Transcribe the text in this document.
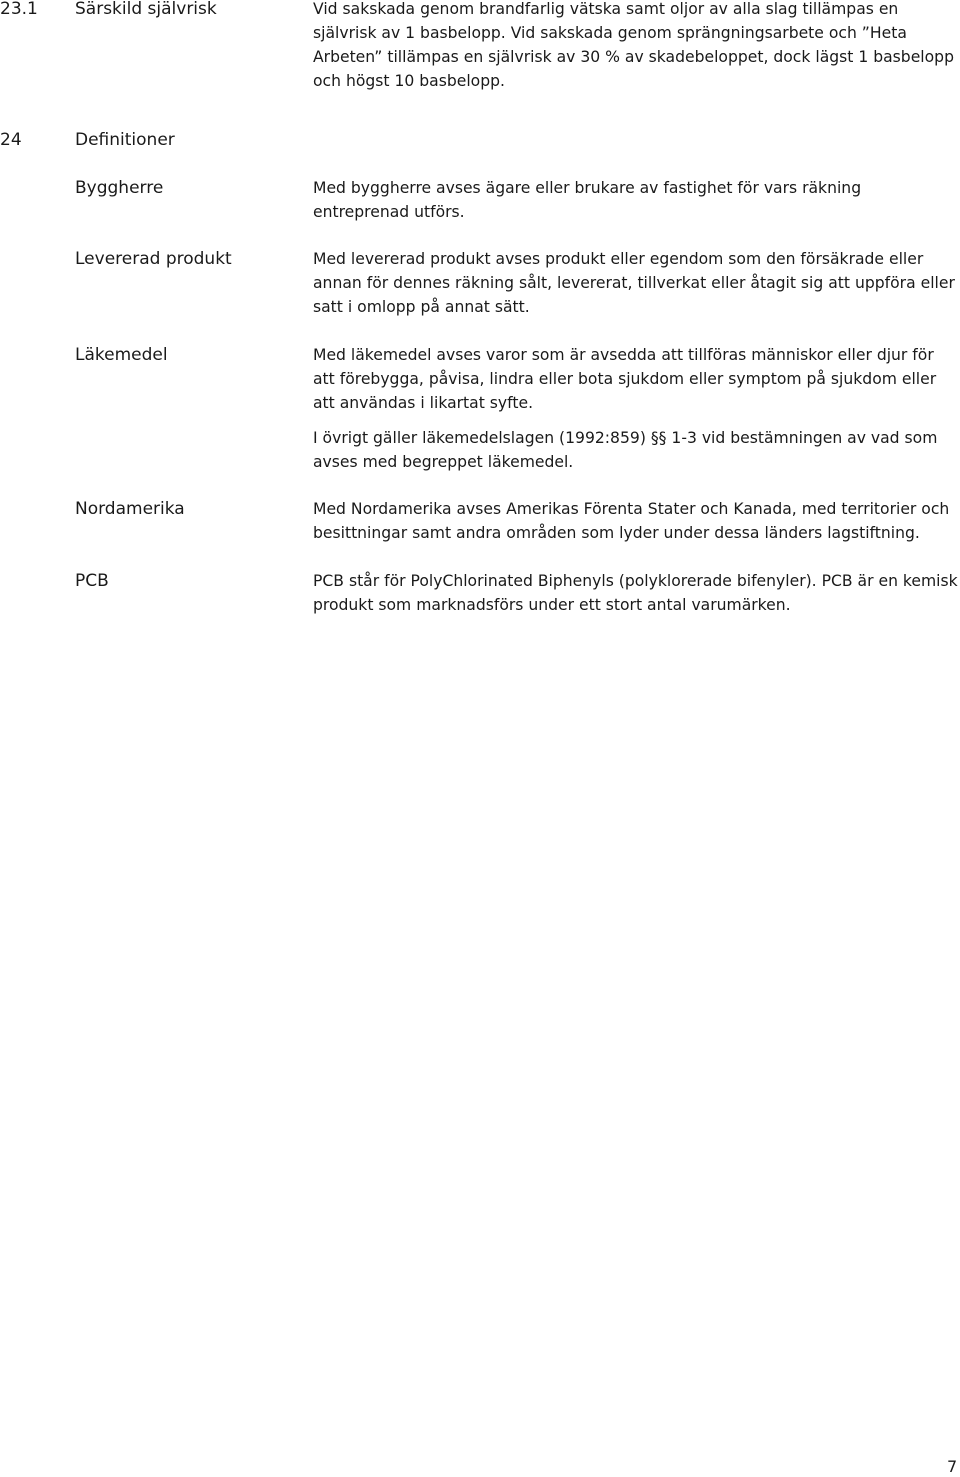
23.1 Särskild självrisk	Vid sakskada genom brandfarlig vätska samt oljor av alla slag tillämpas en självrisk av 1 basbelopp. Vid sakskada genom sprängningsarbete och ”Heta Arbeten” tillämpas en självrisk av 30 % av skadebeloppet, dock lägst 1 basbelopp och högst 10 basbelopp.
24	Definitioner
Byggherre	Med byggherre avses ägare eller brukare av fastighet för vars räkning entreprenad utförs.
Levererad produkt	Med levererad produkt avses produkt eller egendom som den försäkrade eller annan för dennes räkning sålt, levererat, tillverkat eller åtagit sig att uppföra eller satt i omlopp på annat sätt.
Läkemedel	Med läkemedel avses varor som är avsedda att tillföras människor eller djur för att förebygga, påvisa, lindra eller bota sjukdom eller symptom på sjukdom eller att användas i likartat syfte.
I övrigt gäller läkemedelslagen (1992:859) §§ 1-3 vid bestämningen av vad som avses med begreppet läkemedel.
Nordamerika	Med Nordamerika avses Amerikas Förenta Stater och Kanada, med territorier och besittningar samt andra områden som lyder under dessa länders lagstiftning.
PCB	PCB står för PolyChlorinated Biphenyls (polyklorerade bifenyler). PCB är en kemisk produkt som marknadsförs under ett stort antal varumärken.
7
